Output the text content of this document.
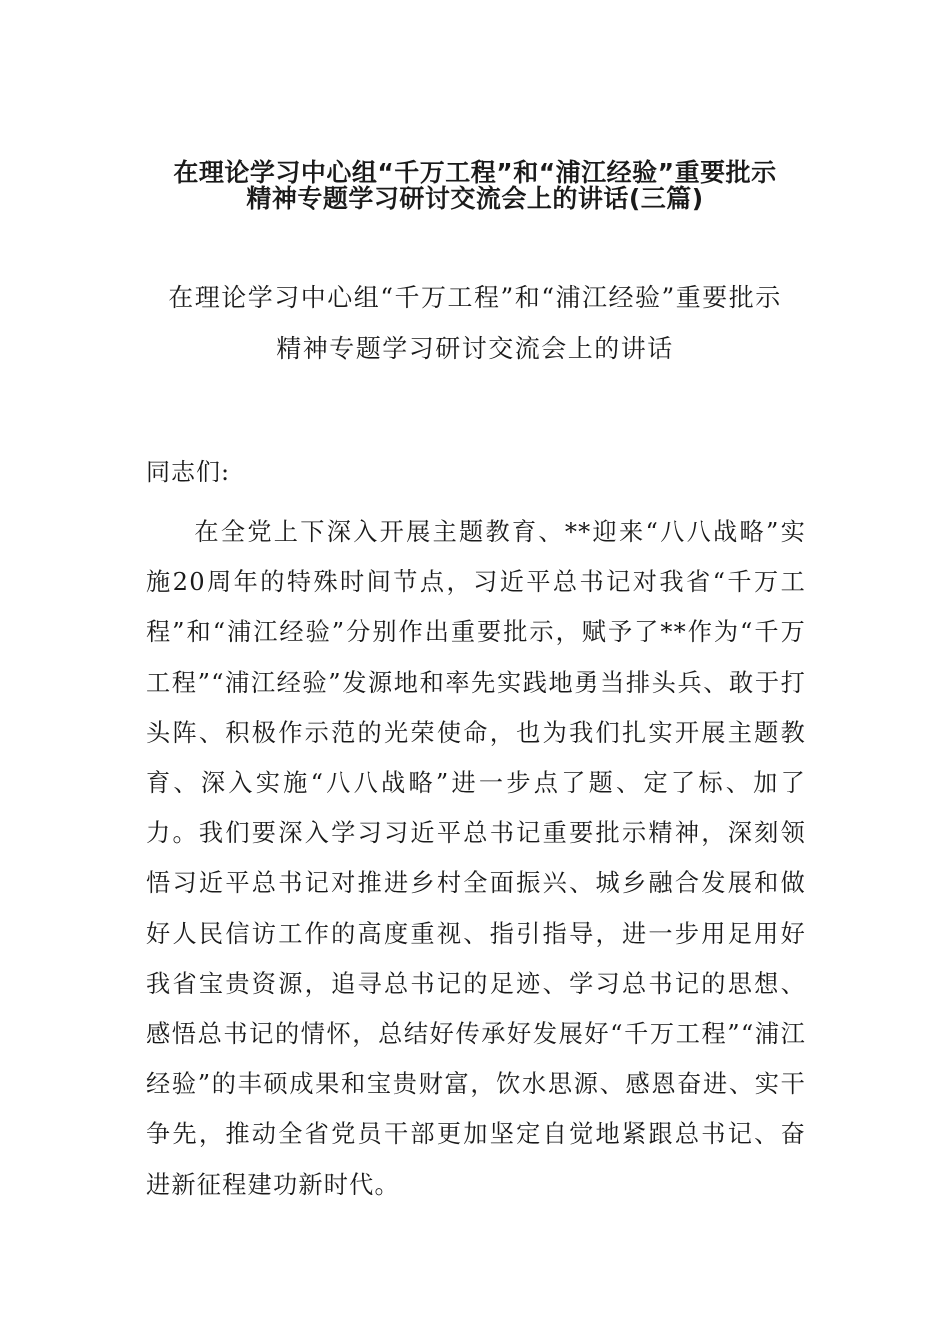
在理论学习中心组“千万工程”和“浦江经验”重要批示
精神专题学习研讨交流会上的讲话(三篇)
在理论学习中心组“千万工程”和“浦江经验”重要批示
精神专题学习研讨交流会上的讲话

同志们:

在全党上下深入开展主题教育、**迎来“八八战略”实施20周年的特殊时间节点，习近平总书记对我省“千万工程”和“浦江经验”分别作出重要批示，赋予了**作为“千万工程”“浦江经验”发源地和率先实践地勇当排头兵、敢于打头阵、积极作示范的光荣使命，也为我们扎实开展主题教育、深入实施“八八战略”进一步点了题、定了标、加了力。我们要深入学习习近平总书记重要批示精神，深刻领悟习近平总书记对推进乡村全面振兴、城乡融合发展和做好人民信访工作的高度重视、指引指导，进一步用足用好我省宝贵资源，追寻总书记的足迹、学习总书记的思想、感悟总书记的情怀，总结好传承好发展好“千万工程”“浦江经验”的丰硕成果和宝贵财富，饮水思源、感恩奋进、实干争先，推动全省党员干部更加坚定自觉地紧跟总书记、奋进新征程建功新时代。
